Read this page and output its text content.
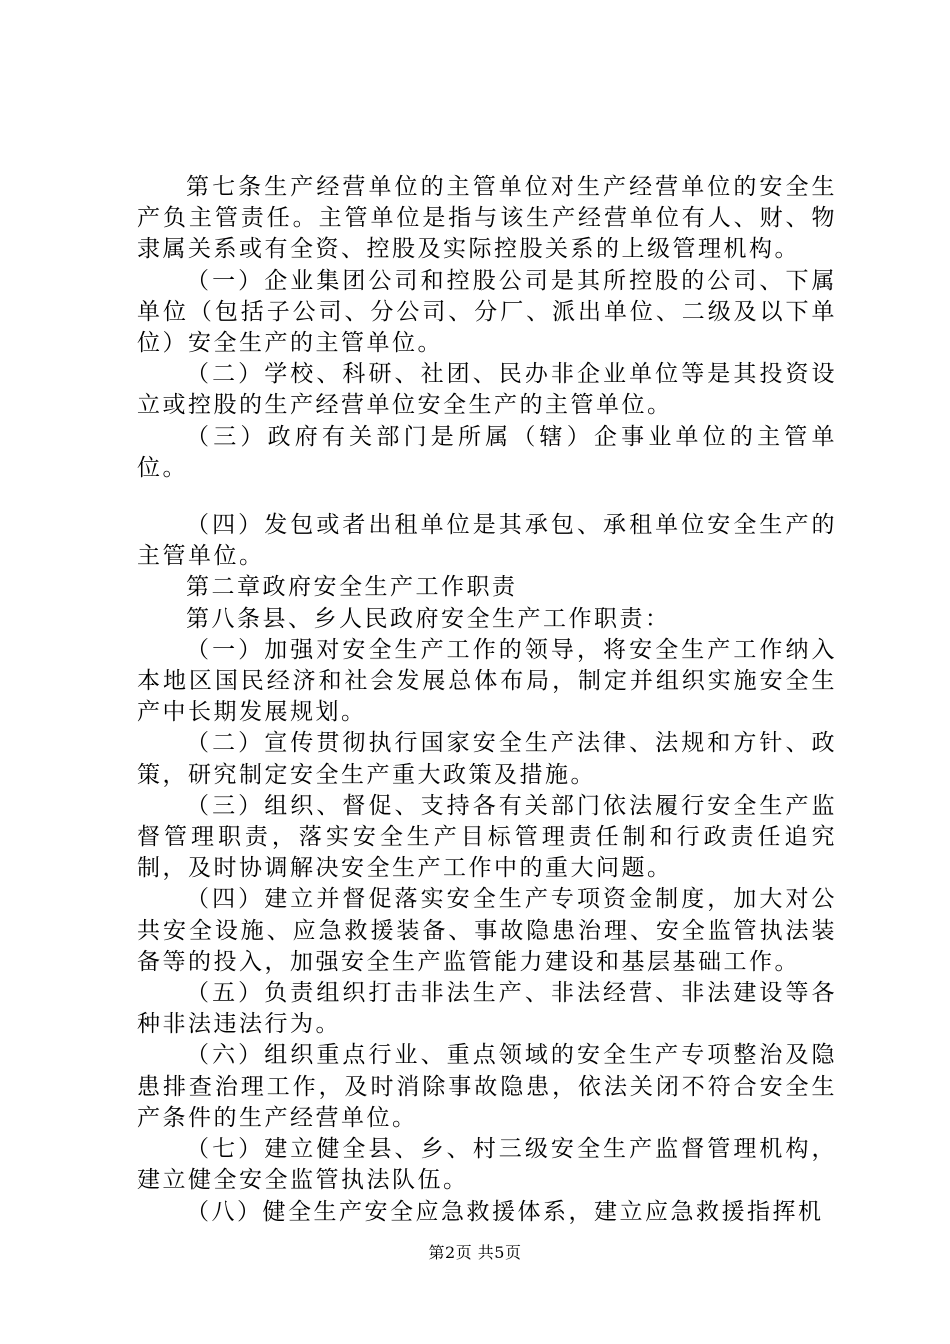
第七条生产经营单位的主管单位对生产经营单位的安全生产负主管责任。主管单位是指与该生产经营单位有人、财、物隶属关系或有全资、控股及实际控股关系的上级管理机构。

（一）企业集团公司和控股公司是其所控股的公司、下属单位（包括子公司、分公司、分厂、派出单位、二级及以下单位）安全生产的主管单位。

（二）学校、科研、社团、民办非企业单位等是其投资设立或控股的生产经营单位安全生产的主管单位。

（三）政府有关部门是所属（辖）企事业单位的主管单位。

（四）发包或者出租单位是其承包、承租单位安全生产的主管单位。

第二章政府安全生产工作职责

第八条县、乡人民政府安全生产工作职责：

（一）加强对安全生产工作的领导，将安全生产工作纳入本地区国民经济和社会发展总体布局，制定并组织实施安全生产中长期发展规划。

（二）宣传贯彻执行国家安全生产法律、法规和方针、政策，研究制定安全生产重大政策及措施。

（三）组织、督促、支持各有关部门依法履行安全生产监督管理职责，落实安全生产目标管理责任制和行政责任追究制，及时协调解决安全生产工作中的重大问题。

（四）建立并督促落实安全生产专项资金制度，加大对公共安全设施、应急救援装备、事故隐患治理、安全监管执法装备等的投入，加强安全生产监管能力建设和基层基础工作。

（五）负责组织打击非法生产、非法经营、非法建设等各种非法违法行为。

（六）组织重点行业、重点领域的安全生产专项整治及隐患排查治理工作，及时消除事故隐患，依法关闭不符合安全生产条件的生产经营单位。

（七）建立健全县、乡、村三级安全生产监督管理机构，建立健全安全监管执法队伍。

（八）健全生产安全应急救援体系，建立应急救援指挥机

第2页 共5页
